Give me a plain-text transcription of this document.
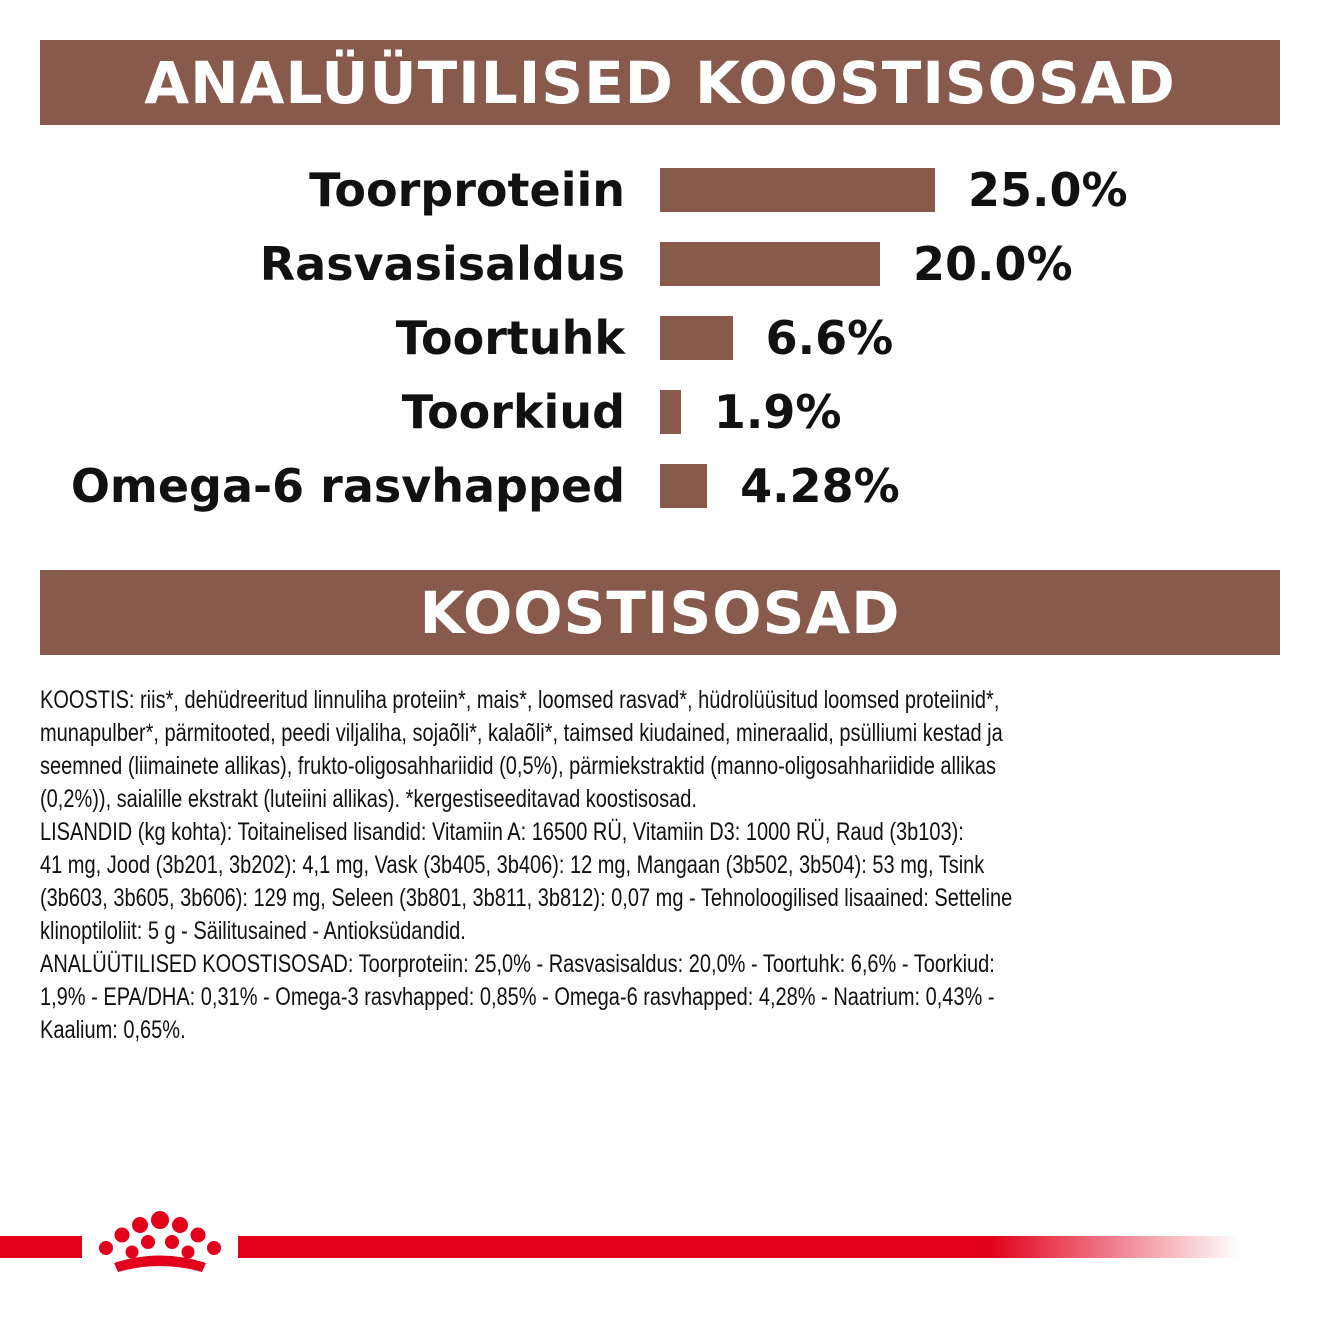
ANALÜÜTILISED KOOSTISOSAD
Toorproteiin	25.0%
Rasvasisaldus	20.0%
Toortuhk	6.6%
Toorkiud 1.9%
Omega-6 rasvhapped	4.28%
KOOSTISOSAD
KOOSTIS: riis*, dehüdreeritud linnuliha proteiin*, mais*, loomsed rasvad*, hüdrolüüsitud loomsed proteiinid*,
munapulber*, pärmitooted, peedi viljaliha, sojaõli*, kalaõli*, taimsed kiudained, mineraalid, psülliumi kestad ja
seemned (liimainete allikas), frukto-oligosahhariidid (0,5%), pärmiekstraktid (manno-oligosahhariidide allikas
(0,2%)), saialille ekstrakt (luteiini allikas). *kergestiseeditavad koostisosad.
LISANDID (kg kohta): Toitainelised lisandid: Vitamiin A: 16500 RÜ, Vitamiin D3: 1000 RÜ, Raud (3b103):
41 mg, Jood (3b201, 3b202): 4,1 mg, Vask (3b405, 3b406): 12 mg, Mangaan (3b502, 3b504): 53 mg, Tsink
(3b603, 3b605, 3b606): 129 mg, Seleen (3b801, 3b811, 3b812): 0,07 mg - Tehnoloogilised lisaained: Setteline
klinoptiloliit: 5 g - Säilitusained - Antioksüdandid.
ANALÜÜTILISED KOOSTISOSAD: Toorproteiin: 25,0% - Rasvasisaldus: 20,0% - Toortuhk: 6,6% - Toorkiud:
1,9% - EPA/DHA: 0,31% - Omega-3 rasvhapped: 0,85% - Omega-6 rasvhapped: 4,28% - Naatrium: 0,43% -
Kaalium: 0,65%.
